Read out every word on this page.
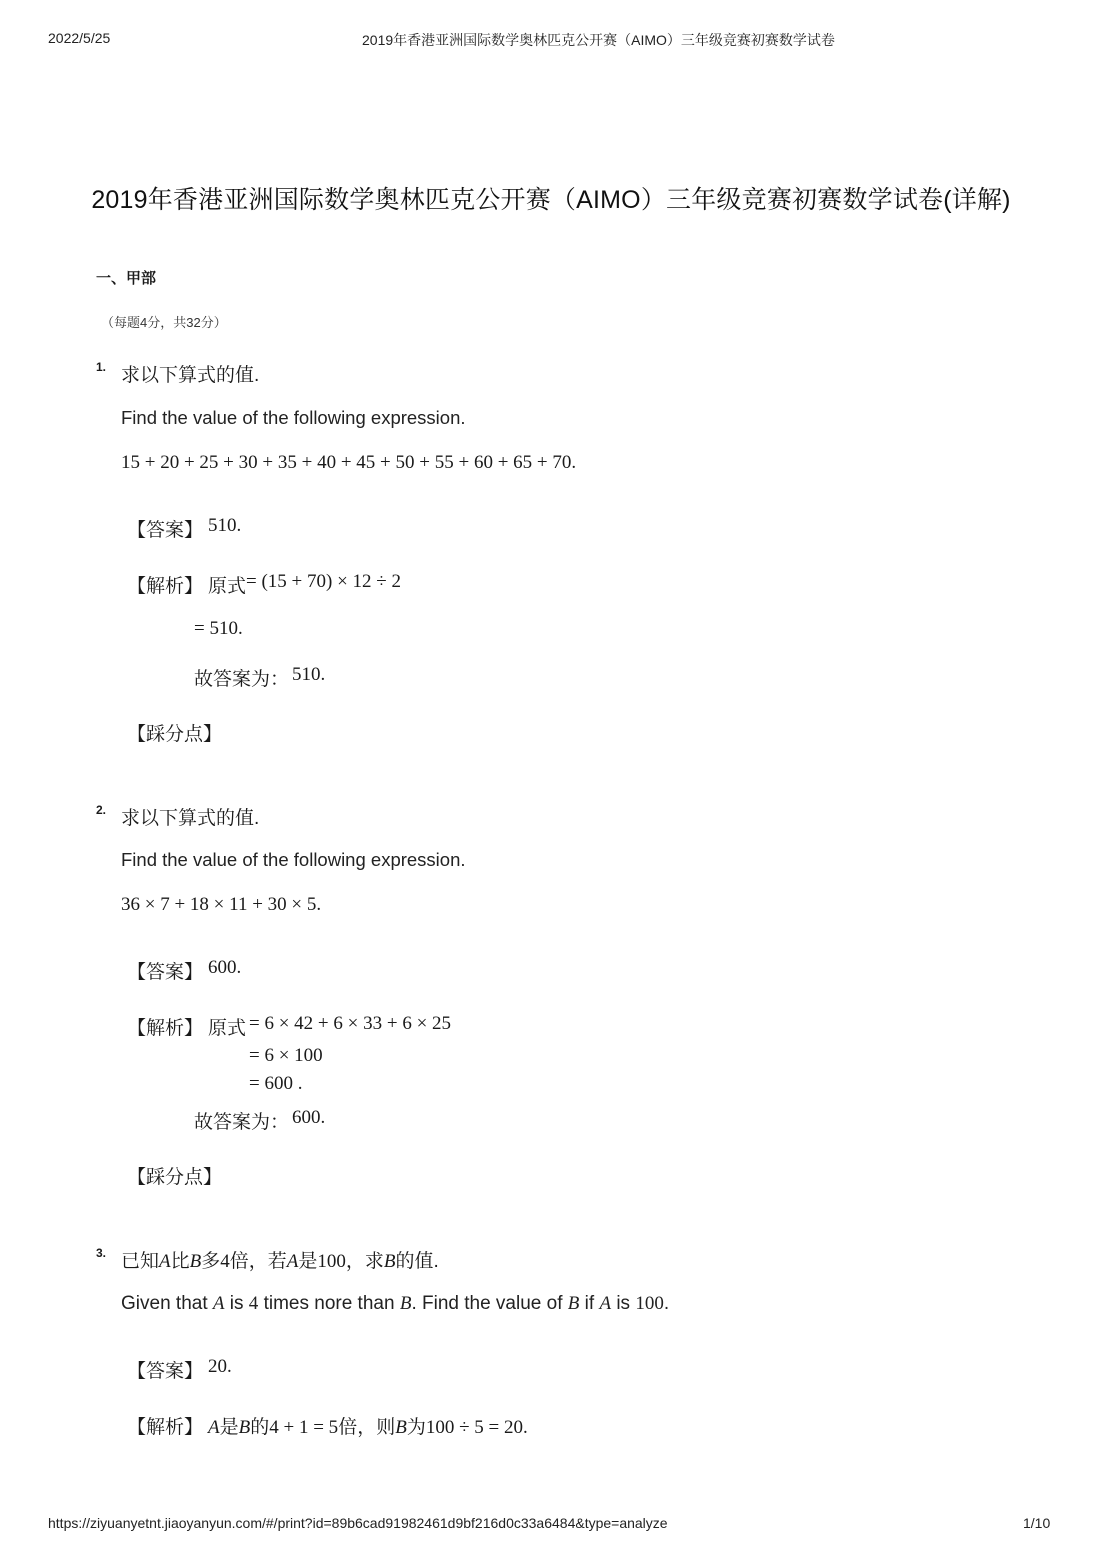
2022/5/25	2019年香港亚洲国际数学奥林匹克公开赛（AIMO）三年级竞赛初赛数学试卷
2019年香港亚洲国际数学奥林匹克公开赛（AIMO）三年级竞赛初赛数学试卷(详解)
一、甲部
（每题4分，共32分）
1. 求以下算式的值.
Find the value of the following expression.
15 + 20 + 25 + 30 + 35 + 40 + 45 + 50 + 55 + 60 + 65 + 70.
【答案】 510.
【解析】 原式 = (15 + 70) × 12 ÷ 2
= 510.
故答案为： 510.
【踩分点】
2. 求以下算式的值.
Find the value of the following expression.
36 × 7 + 18 × 11 + 30 × 5.
【答案】 600.
【解析】 原式 = 6 × 42 + 6 × 33 + 6 × 25
= 6 × 100
= 600 .
故答案为： 600.
【踩分点】
3. 已知A比B多4倍，若A是100，求B的值.
Given that A is 4 times nore than B. Find the value of B if A is 100.
【答案】 20.
【解析】 A是B的4 + 1 = 5倍，则B为100 ÷ 5 = 20.
https://ziyuanyetnt.jiaoyanyun.com/#/print?id=89b6cad91982461d9bf216d0c33a6484&type=analyze	1/10
